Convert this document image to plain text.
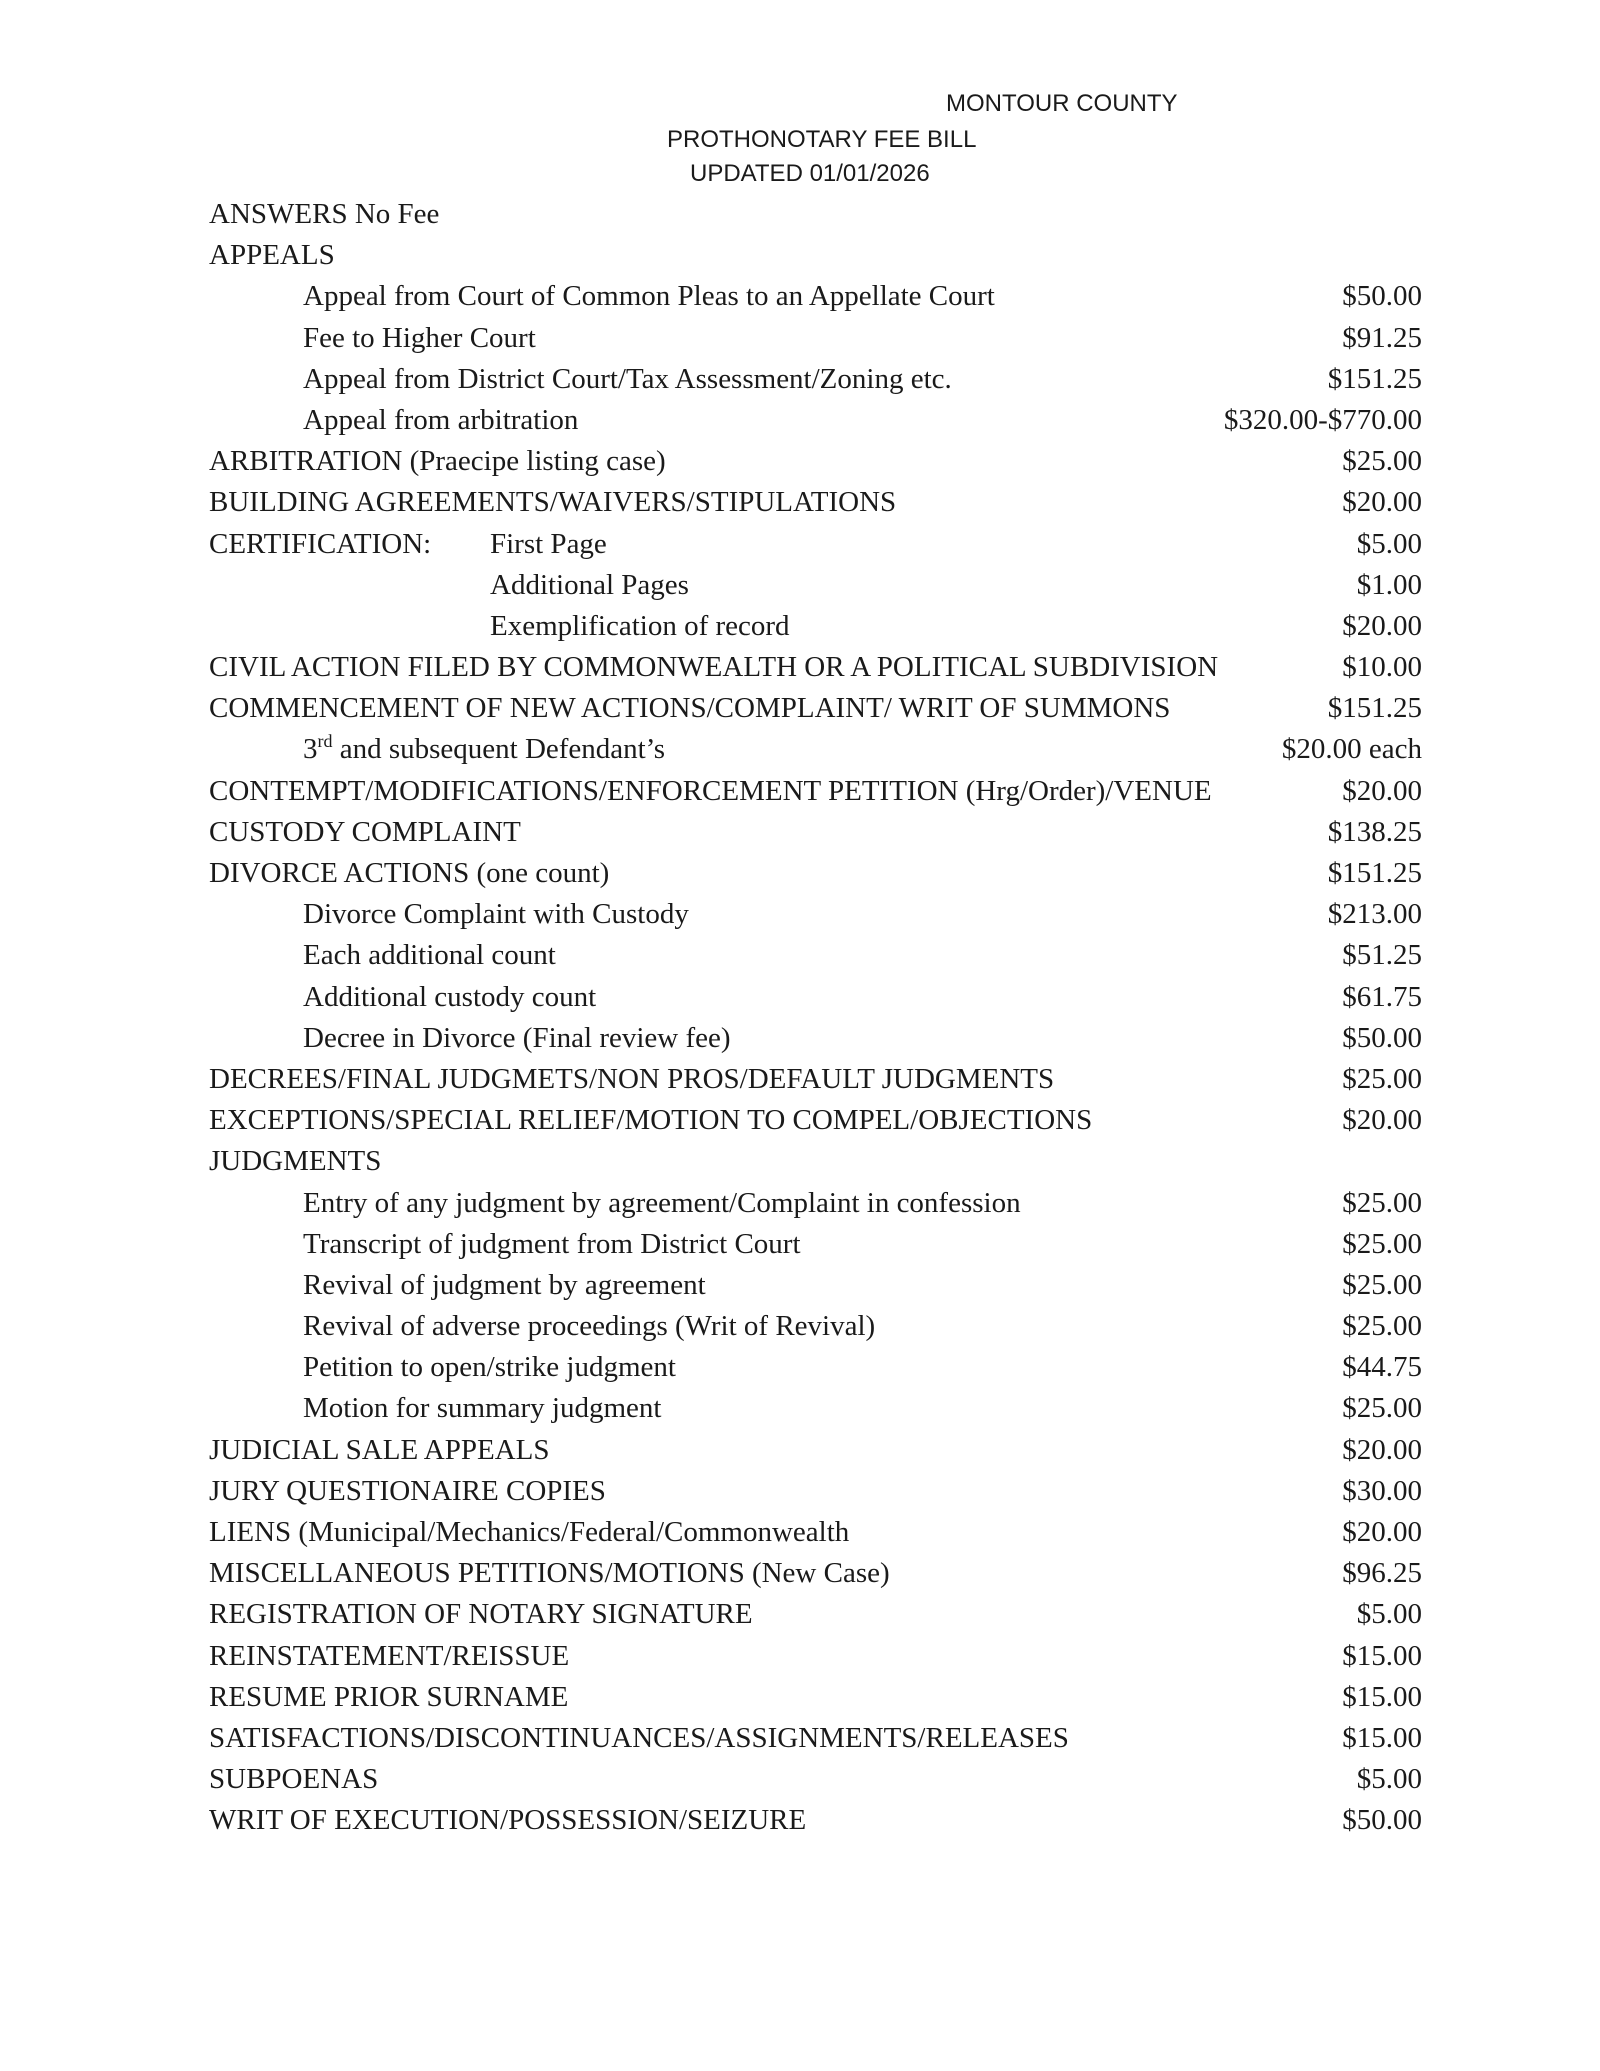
MONTOUR COUNTY
PROTHONOTARY FEE BILL
UPDATED 01/01/2026
ANSWERS No Fee
APPEALS
Appeal from Court of Common Pleas to an Appellate Court	$50.00
Fee to Higher Court	$91.25
Appeal from District Court/Tax Assessment/Zoning etc.	$151.25
Appeal from arbitration	$320.00-$770.00
ARBITRATION (Praecipe listing case)	$25.00
BUILDING AGREEMENTS/WAIVERS/STIPULATIONS	$20.00
CERTIFICATION: First Page	$5.00
Additional Pages	$1.00
Exemplification of record	$20.00
CIVIL ACTION FILED BY COMMONWEALTH OR A POLITICAL SUBDIVISION	$10.00
COMMENCEMENT OF NEW ACTIONS/COMPLAINT/ WRIT OF SUMMONS	$151.25
3rd and subsequent Defendant’s	$20.00 each
CONTEMPT/MODIFICATIONS/ENFORCEMENT PETITION (Hrg/Order)/VENUE	$20.00
CUSTODY COMPLAINT	$138.25
DIVORCE ACTIONS (one count)	$151.25
Divorce Complaint with Custody	$213.00
Each additional count	$51.25
Additional custody count	$61.75
Decree in Divorce (Final review fee)	$50.00
DECREES/FINAL JUDGMETS/NON PROS/DEFAULT JUDGMENTS	$25.00
EXCEPTIONS/SPECIAL RELIEF/MOTION TO COMPEL/OBJECTIONS	$20.00
JUDGMENTS
Entry of any judgment by agreement/Complaint in confession	$25.00
Transcript of judgment from District Court	$25.00
Revival of judgment by agreement	$25.00
Revival of adverse proceedings (Writ of Revival)	$25.00
Petition to open/strike judgment	$44.75
Motion for summary judgment	$25.00
JUDICIAL SALE APPEALS	$20.00
JURY QUESTIONAIRE COPIES	$30.00
LIENS (Municipal/Mechanics/Federal/Commonwealth	$20.00
MISCELLANEOUS PETITIONS/MOTIONS (New Case)	$96.25
REGISTRATION OF NOTARY SIGNATURE	$5.00
REINSTATEMENT/REISSUE	$15.00
RESUME PRIOR SURNAME	$15.00
SATISFACTIONS/DISCONTINUANCES/ASSIGNMENTS/RELEASES	$15.00
SUBPOENAS	$5.00
WRIT OF EXECUTION/POSSESSION/SEIZURE	$50.00
